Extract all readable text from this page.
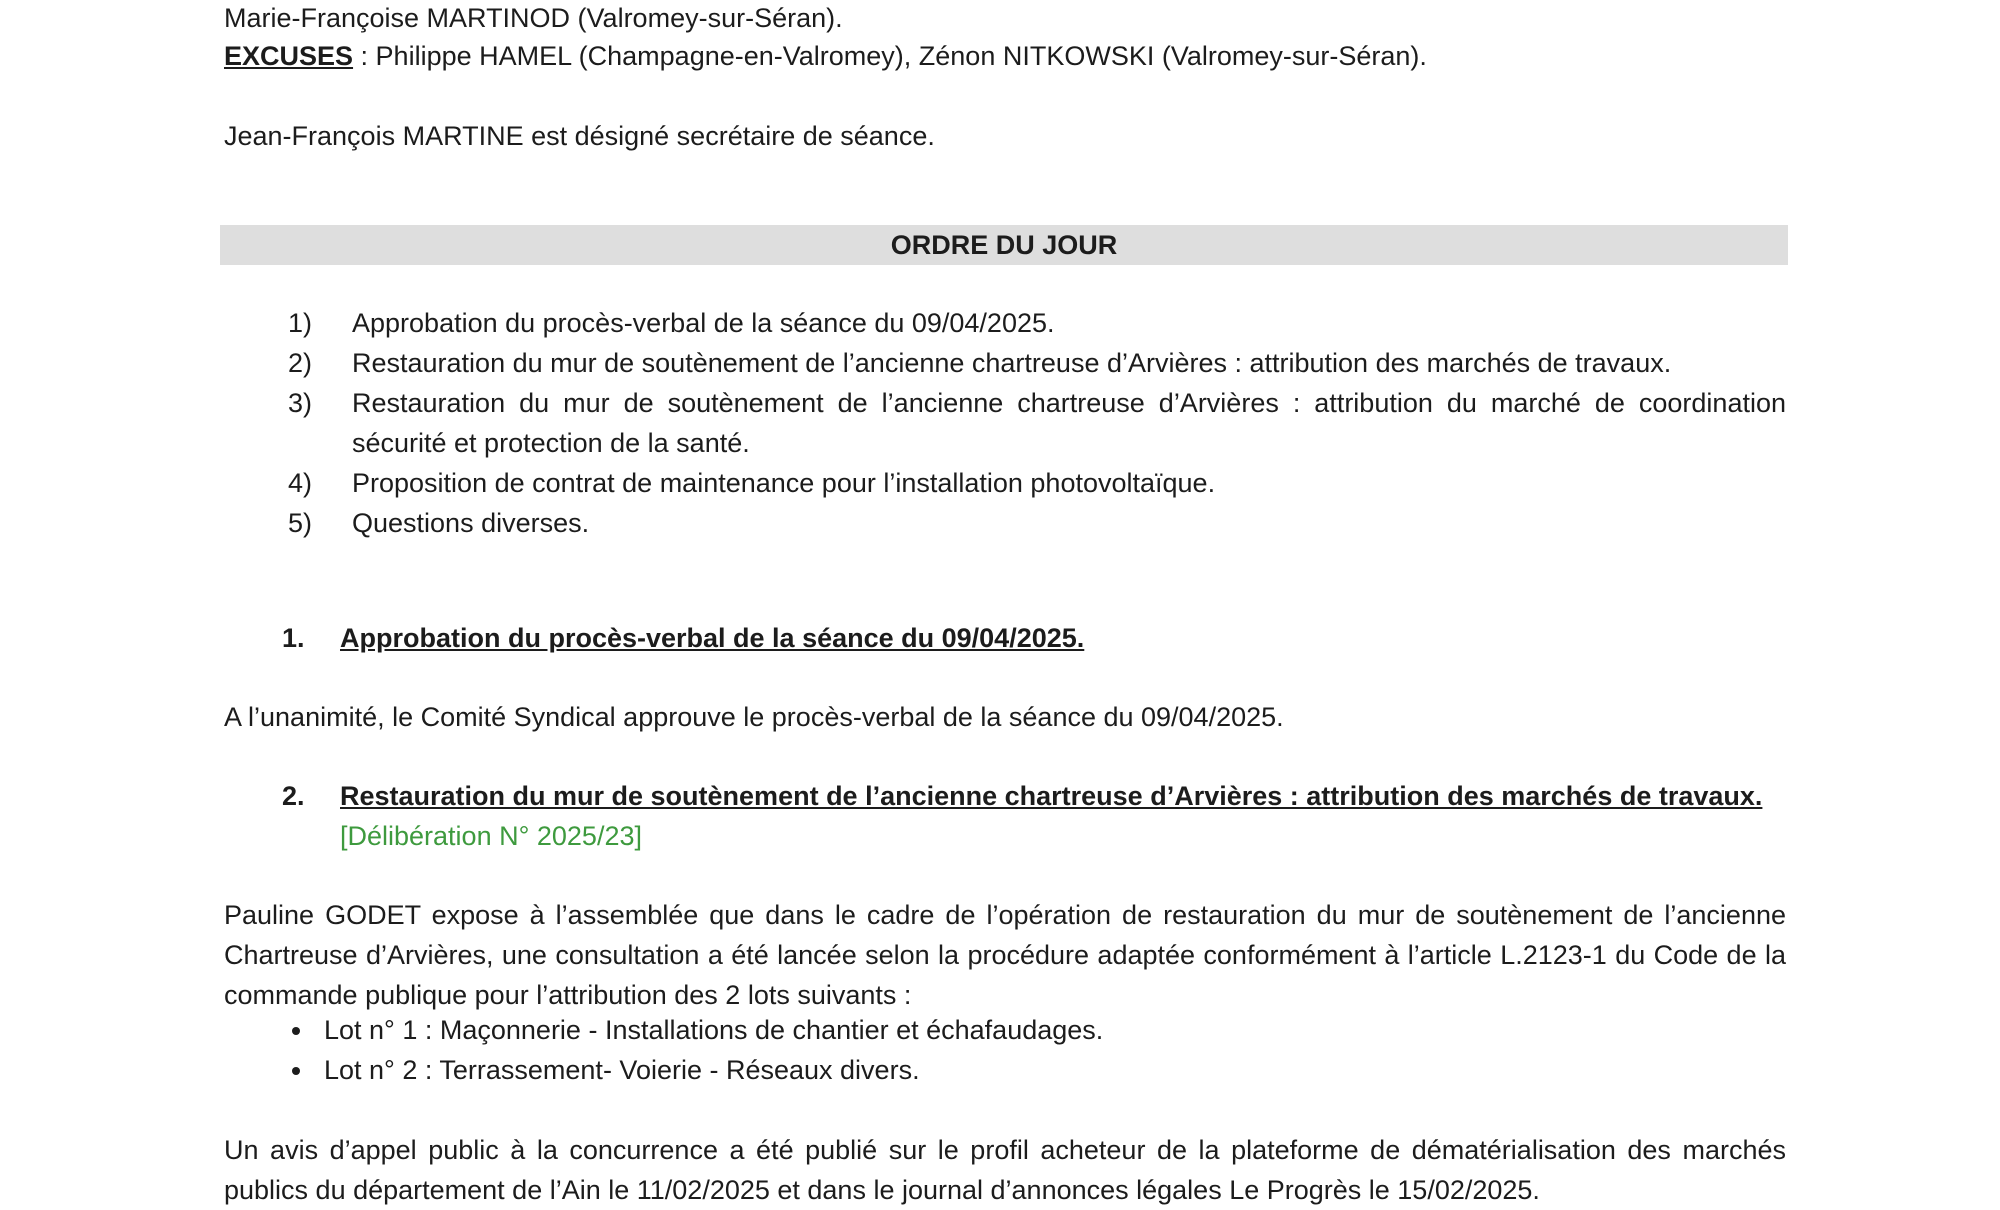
Marie-Françoise MARTINOD (Valromey-sur-Séran).

EXCUSES : Philippe HAMEL (Champagne-en-Valromey), Zénon NITKOWSKI (Valromey-sur-Séran).

Jean-François MARTINE est désigné secrétaire de séance.

ORDRE DU JOUR
1) Approbation du procès-verbal de la séance du 09/04/2025.
2) Restauration du mur de soutènement de l’ancienne chartreuse d’Arvières : attribution des marchés de travaux.
3) Restauration du mur de soutènement de l’ancienne chartreuse d’Arvières : attribution du marché de coordination sécurité et protection de la santé.
4) Proposition de contrat de maintenance pour l’installation photovoltaïque.
5) Questions diverses.
1.	Approbation du procès-verbal de la séance du 09/04/2025.

A l’unanimité, le Comité Syndical approuve le procès-verbal de la séance du 09/04/2025.

2.	Restauration du mur de soutènement de l’ancienne chartreuse d’Arvières : attribution des marchés de travaux. [Délibération N° 2025/23]

Pauline GODET expose à l’assemblée que dans le cadre de l’opération de restauration du mur de soutènement de l’ancienne Chartreuse d’Arvières, une consultation a été lancée selon la procédure adaptée conformément à l’article L.2123-1 du Code de la commande publique pour l’attribution des 2 lots suivants :

Lot n° 1 : Maçonnerie - Installations de chantier et échafaudages.
Lot n° 2 : Terrassement- Voierie - Réseaux divers.

Un avis d’appel public à la concurrence a été publié sur le profil acheteur de la plateforme de dématérialisation des marchés publics du département de l’Ain le 11/02/2025 et dans le journal d’annonces légales Le Progrès le 15/02/2025.
